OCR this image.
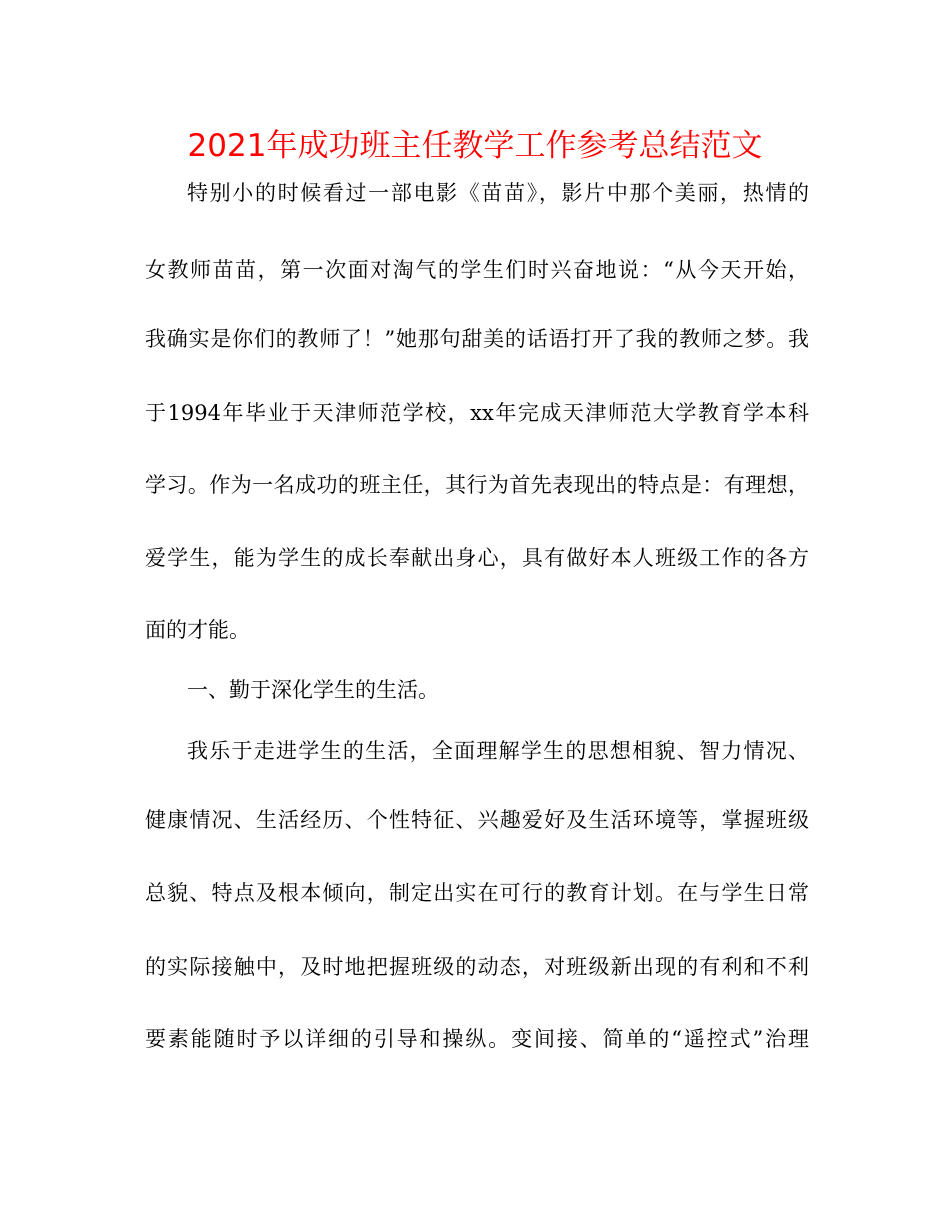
2021年成功班主任教学工作参考总结范文

特别小的时候看过一部电影《苗苗》，影片中那个美丽，热情的

女教师苗苗，第一次面对淘气的学生们时兴奋地说：“从今天开始，

我确实是你们的教师了！”她那句甜美的话语打开了我的教师之梦。我

于1994年毕业于天津师范学校，xx年完成天津师范大学教育学本科

学习。作为一名成功的班主任，其行为首先表现出的特点是：有理想，

爱学生，能为学生的成长奉献出身心，具有做好本人班级工作的各方

面的才能。

一、勤于深化学生的生活。

我乐于走进学生的生活，全面理解学生的思想相貌、智力情况、

健康情况、生活经历、个性特征、兴趣爱好及生活环境等，掌握班级

总貌、特点及根本倾向，制定出实在可行的教育计划。在与学生日常

的实际接触中，及时地把握班级的动态，对班级新出现的有利和不利

要素能随时予以详细的引导和操纵。变间接、简单的“遥控式”治理
